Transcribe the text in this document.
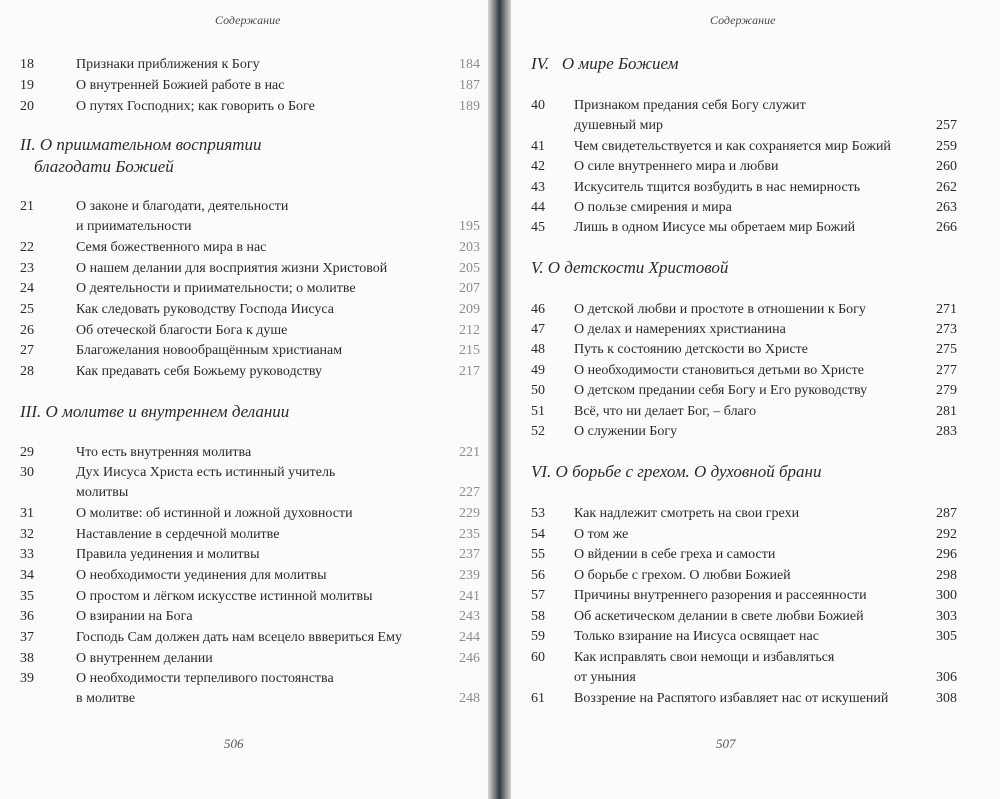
Содержание
18	Признаки приближения к Богу	184
19	О внутренней Божией работе в нас	187
20	О путях Господних; как говорить о Боге	189
II. О приимательном восприятии
благодати Божией
21	О законе и благодати, деятельности
и приимательности	195
22	Семя божественного мира в нас	203
23	О нашем делании для восприятия жизни Христовой	205
24	О деятельности и приимательности; о молитве	207
25	Как следовать руководству Господа Иисуса	209
26	Об отеческой благости Бога к душе	212
27	Благожелания новообращённым христианам	215
28	Как предавать себя Божьему руководству	217
III. О молитве и внутреннем делании
29	Что есть внутренняя молитва	221
30	Дух Иисуса Христа есть истинный учитель
молитвы	227
31	О молитве: об истинной и ложной духовности	229
32	Наставление в сердечной молитве	235
33	Правила уединения и молитвы	237
34	О необходимости уединения для молитвы	239
35	О простом и лёгком искусстве истинной молитвы	241
36	О взирании на Бога	243
37	Господь Сам должен дать нам всецело вввериться Ему	244
38	О внутреннем делании	246
39	О необходимости терпеливого постоянства
в молитве	248
506
Содержание
IV.   О мире Божием
40 Признаком предания себя Богу служит
душевный мир	257
41 Чем свидетельствуется и как сохраняется мир Божий	259
42 О силе внутреннего мира и любви	260
43 Искуситель тщится возбудить в нас немирность	262
44 О пользе смирения и мира	263
45 Лишь в одном Иисусе мы обретаем мир Божий	266
V. О детскости Христовой
46 О детской любви и простоте в отношении к Богу	271
47 О делах и намерениях христианина	273
48 Путь к состоянию детскости во Христе	275
49 О необходимости становиться детьми во Христе	277
50 О детском предании себя Богу и Его руководству	279
51 Всё, что ни делает Бог, – благо	281
52 О служении Богу	283
VI. О борьбе с грехом. О духовной брани
53 Как надлежит смотреть на свои грехи	287
54 О том же	292
55 О вйдении в себе греха и самости	296
56 О борьбе с грехом. О любви Божией	298
57 Причины внутреннего разорения и рассеянности	300
58 Об аскетическом делании в свете любви Божией	303
59 Только взирание на Иисуса освящает нас	305
60 Как исправлять свои немощи и избавляться
от уныния	306
61 Воззрение на Распятого избавляет нас от искушений	308
507
